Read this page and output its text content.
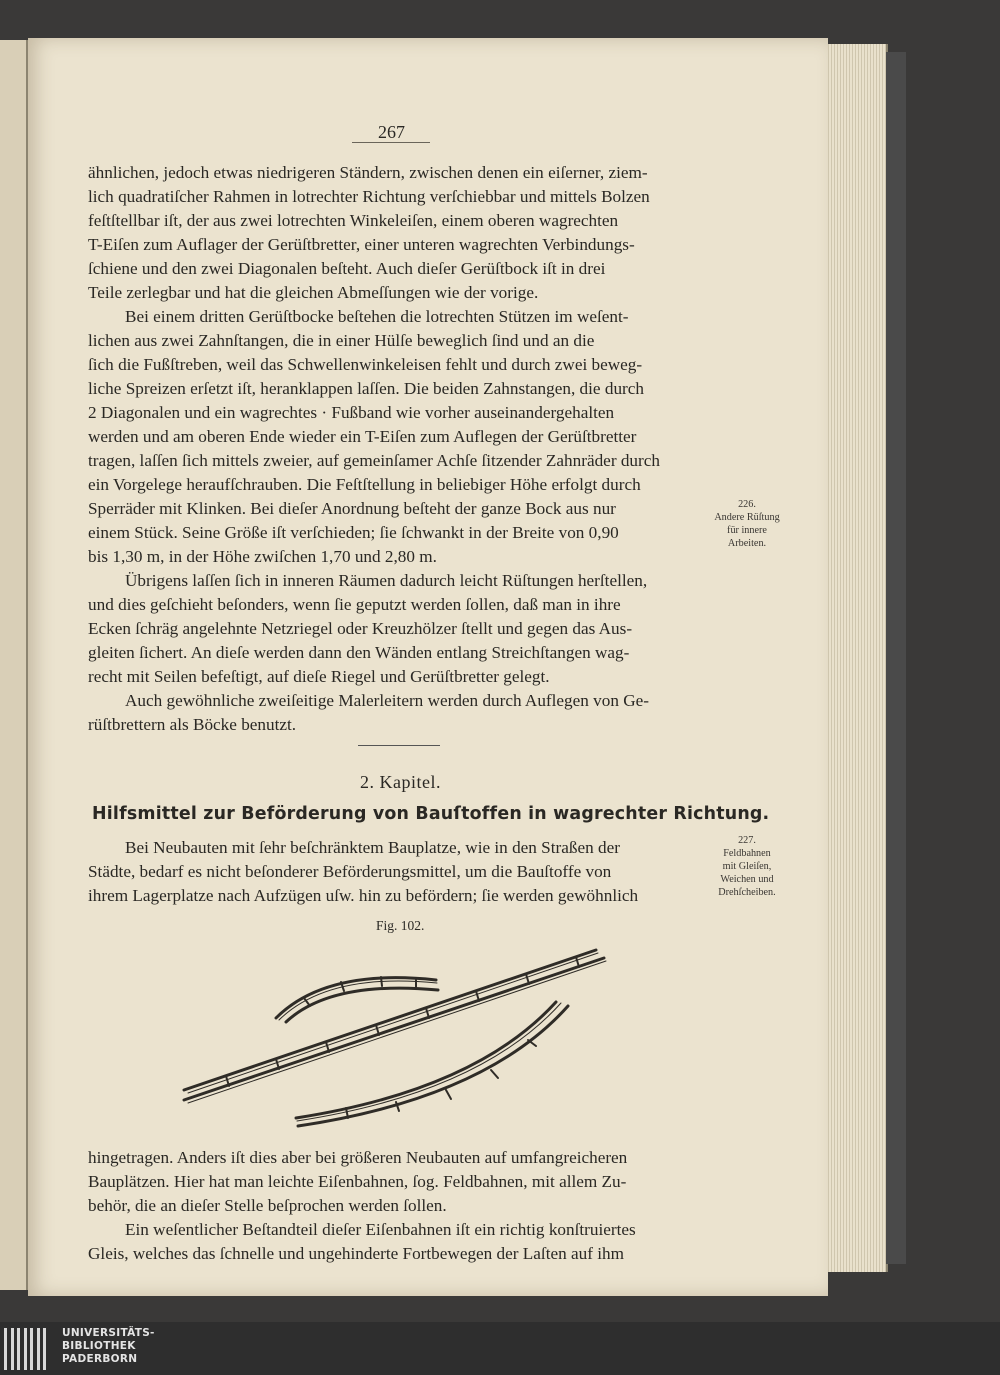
267
ähnlichen, jedoch etwas niedrigeren Ständern, zwischen denen ein eiſerner, ziem-
lich quadratiſcher Rahmen in lotrechter Richtung verſchiebbar und mittels Bolzen
feſtſtellbar iſt, der aus zwei lotrechten Winkeleiſen, einem oberen wagrechten
T-Eiſen zum Auflager der Gerüſtbretter, einer unteren wagrechten Verbindungs-
ſchiene und den zwei Diagonalen beſteht. Auch dieſer Gerüſtbock iſt in drei
Teile zerlegbar und hat die gleichen Abmeſſungen wie der vorige.
Bei einem dritten Gerüſtbocke beſtehen die lotrechten Stützen im weſent-
lichen aus zwei Zahnſtangen, die in einer Hülſe beweglich ſind und an die
ſich die Fußſtreben, weil das Schwellenwinkeleisen fehlt und durch zwei beweg-
liche Spreizen erſetzt iſt, heranklappen laſſen. Die beiden Zahnstangen, die durch
2 Diagonalen und ein wagrechtes · Fußband wie vorher auseinandergehalten
werden und am oberen Ende wieder ein T-Eiſen zum Auflegen der Gerüſtbretter
tragen, laſſen ſich mittels zweier, auf gemeinſamer Achſe ſitzender Zahnräder durch
ein Vorgelege heraufſchrauben. Die Feſtſtellung in beliebiger Höhe erfolgt durch
Sperräder mit Klinken. Bei dieſer Anordnung beſteht der ganze Bock aus nur
einem Stück. Seine Größe iſt verſchieden; ſie ſchwankt in der Breite von 0,90
bis 1,30 m, in der Höhe zwiſchen 1,70 und 2,80 m.
Übrigens laſſen ſich in inneren Räumen dadurch leicht Rüſtungen herſtellen,
und dies geſchieht beſonders, wenn ſie geputzt werden ſollen, daß man in ihre
Ecken ſchräg angelehnte Netzriegel oder Kreuzhölzer ſtellt und gegen das Aus-
gleiten ſichert. An dieſe werden dann den Wänden entlang Streichſtangen wag-
recht mit Seilen befeſtigt, auf dieſe Riegel und Gerüſtbretter gelegt.
Auch gewöhnliche zweiſeitige Malerleitern werden durch Auflegen von Ge-
rüſtbrettern als Böcke benutzt.
226.
Andere Rüſtung
für innere
Arbeiten.
2. Kapitel.
Hilfsmittel zur Beförderung von Bauſtoffen in wagrechter Richtung.
Bei Neubauten mit ſehr beſchränktem Bauplatze, wie in den Straßen der
Städte, bedarf es nicht beſonderer Beförderungsmittel, um die Bauſtoffe von
ihrem Lagerplatze nach Aufzügen uſw. hin zu befördern; ſie werden gewöhnlich
227.
Feldbahnen
mit Gleiſen,
Weichen und
Drehſcheiben.
Fig. 102.
hingetragen. Anders iſt dies aber bei größeren Neubauten auf umfangreicheren
Bauplätzen. Hier hat man leichte Eiſenbahnen, ſog. Feldbahnen, mit allem Zu-
behör, die an dieſer Stelle beſprochen werden ſollen.
Ein weſentlicher Beſtandteil dieſer Eiſenbahnen iſt ein richtig konſtruiertes
Gleis, welches das ſchnelle und ungehinderte Fortbewegen der Laſten auf ihm
UNIVERSITÄTS-
BIBLIOTHEK
PADERBORN
